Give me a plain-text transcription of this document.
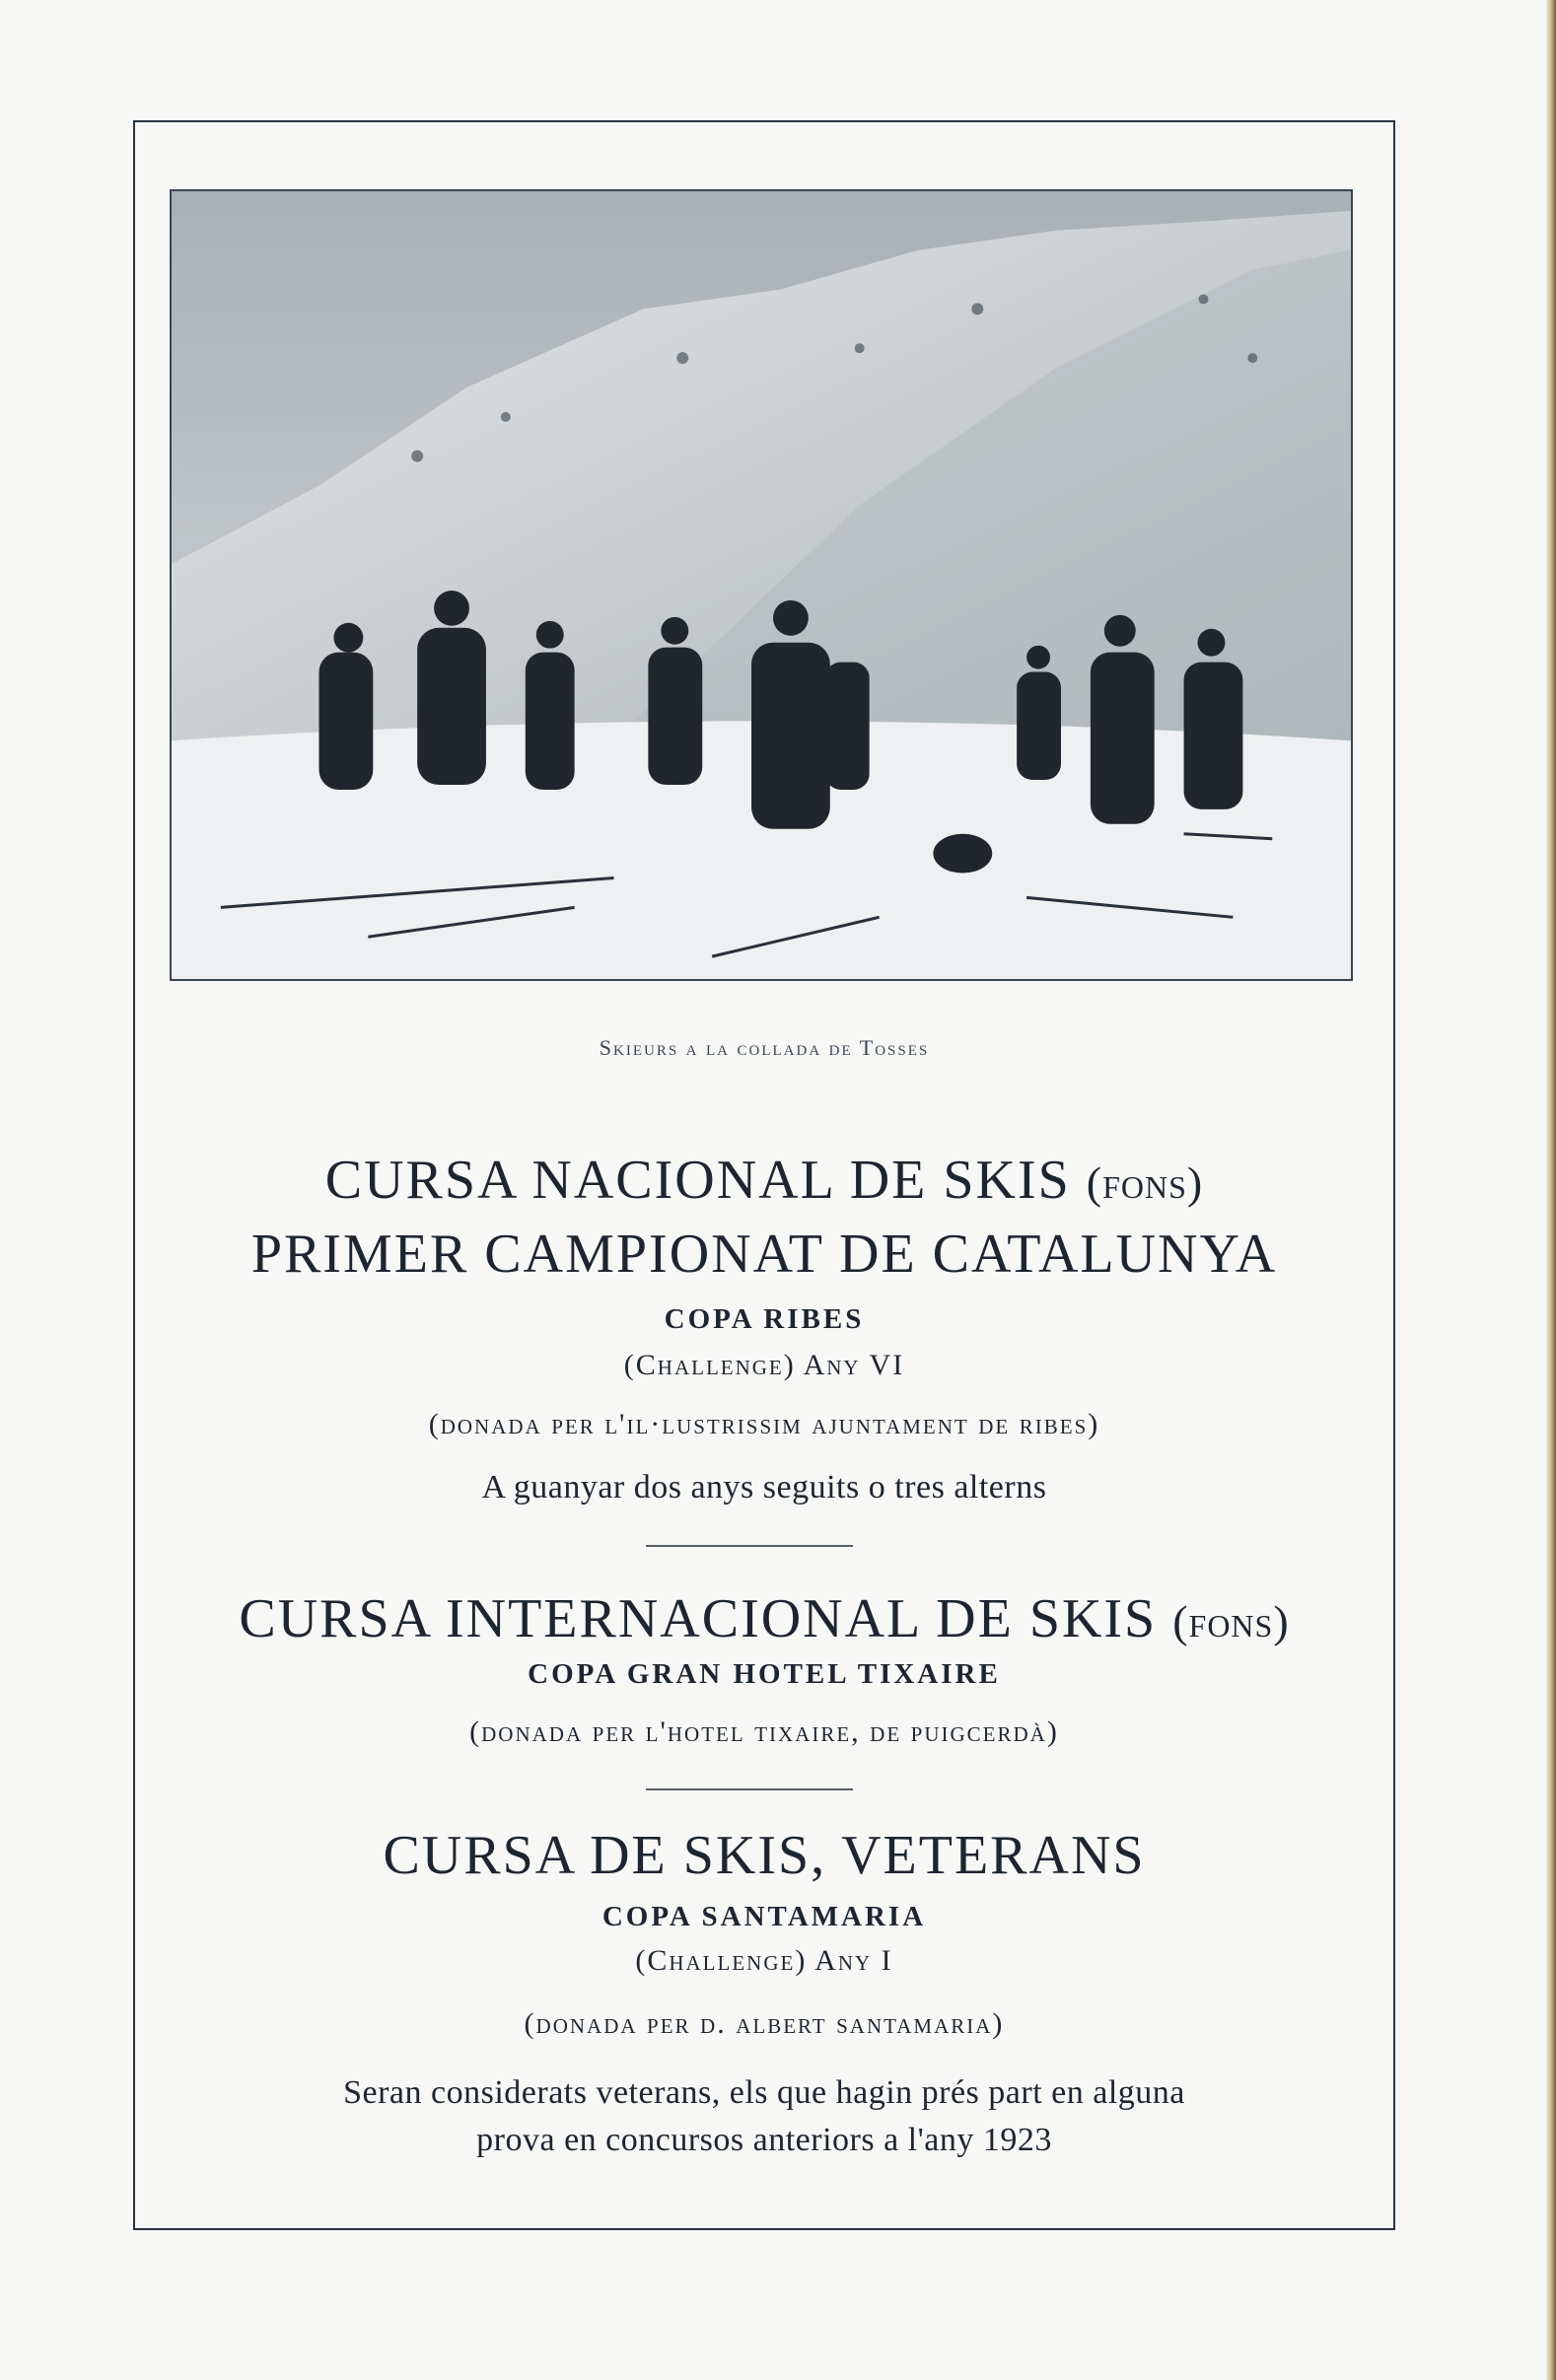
Skieurs a la collada de Tosses
CURSA NACIONAL DE SKIS (fons)
PRIMER CAMPIONAT DE CATALUNYA
COPA RIBES
(Challenge) Any VI
(donada per l'il·lustrissim ajuntament de ribes)
A guanyar dos anys seguits o tres alterns
CURSA INTERNACIONAL DE SKIS (fons)
COPA GRAN HOTEL TIXAIRE
(donada per l'hotel tixaire, de puigcerdà)
CURSA DE SKIS, VETERANS
COPA SANTAMARIA
(Challenge) Any I
(donada per d. albert santamaria)
Seran considerats veterans, els que hagin prés part en alguna
prova en concursos anteriors a l'any 1923
